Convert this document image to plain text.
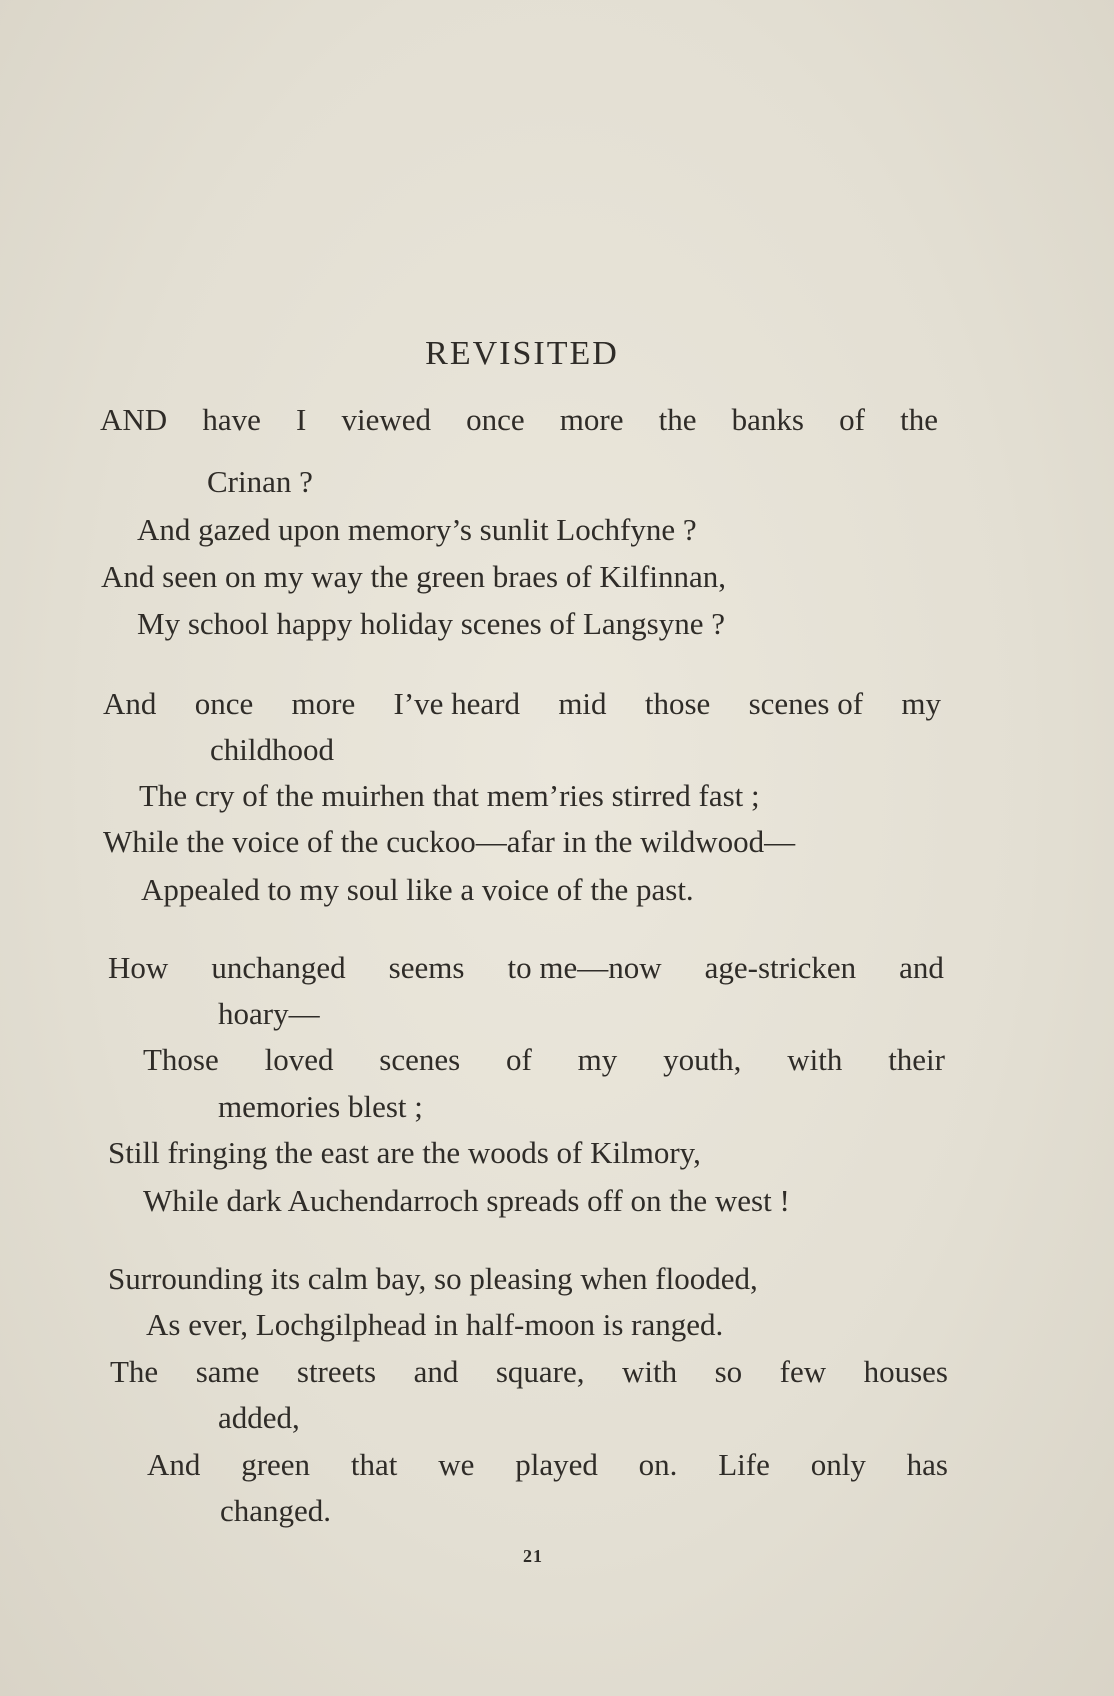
REVISITED
AND have I viewed once more the banks of the
Crinan ?
And gazed upon memory’s sunlit Lochfyne ?
And seen on my way the green braes of Kilfinnan,
My school happy holiday scenes of Langsyne ?
And once more I’ve heard mid those scenes of my
childhood
The cry of the muirhen that mem’ries stirred fast ;
While the voice of the cuckoo—afar in the wildwood—
Appealed to my soul like a voice of the past.
How unchanged seems to me—now age-stricken and
hoary—
Those loved scenes of my youth, with their
memories blest ;
Still fringing the east are the woods of Kilmory,
While dark Auchendarroch spreads off on the west !
Surrounding its calm bay, so pleasing when flooded,
As ever, Lochgilphead in half-moon is ranged.
The same streets and square, with so few houses
added,
And green that we played on. Life only has
changed.
21
